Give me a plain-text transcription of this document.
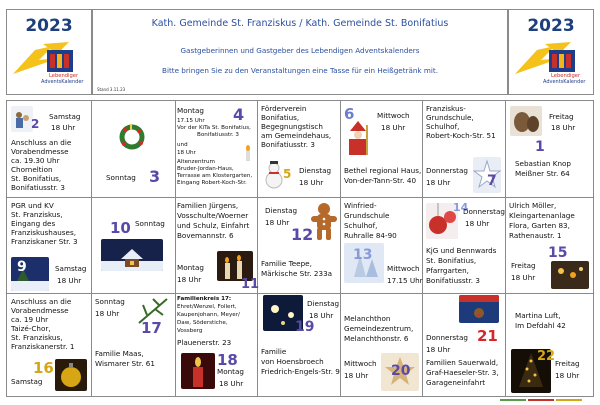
2023
Lebendiger
AdventsKalender
Kath. Gemeinde St. Franziskus / Kath. Gemeinde St. Bonifatius
Gastgeberinnen und Gastgeber des Lebendigen Adventskalenders
Bitte bringen Sie zu den Veranstaltungen eine Tasse für ein Heißgetränk mit.
Stand 3.11.23
2023
Lebendiger
AdventsKalender
2
Samstag
18 Uhr
Anschluss an die
Vorabendmesse
ca. 19.30 Uhr
Chorneltion
St. Bonifatius,
Bonifatiusstr. 3
Sonntag 3
Montag 4
17.15 Uhr
Vor der KiTa St. Bonifatius,
Bonifatiusstr. 3
und
18 Uhr
Altenzentrum
Bruder-Jordan-Haus,
Terrasse am Klostergarten,
Eingang Robert-Koch-Str.
Förderverein
Bonifatius,
Begegnungstisch
am Gemeindehaus,
Bonifatiusstr. 3
5 Dienstag
18 Uhr
6	Mittwoch
18 Uhr
Bethel regional Haus,
Von-der-Tann-Str. 40
Franziskus-
Grundschule,
Schulhof,
Robert-Koch-Str. 51
Donnerstag
18 Uhr	7
Freitag
18 Uhr
1
Sebastian Knop
Meißner Str. 64
PGR und KV
St. Franziskus,
Eingang des
Franziskushauses,
Franziskaner Str. 3
9	Samstag
18 Uhr
10 Sonntag
Familien Jürgens,
Vosschulte/Woerner
und Schulz, Einfahrt
Bovemannstr. 6
Montag
18 Uhr	11
Dienstag
18 Uhr
12
Familie Teepe,
Märkische Str. 233a
Winfried-
Grundschule
Schulhof,
Ruhralle 84-90
13
Mittwoch
17.15 Uhr
14
Donnerstag
18 Uhr
KjG und Bennwards
St. Bonifatius,
Pfarrgarten,
Bonifatiusstr. 3
Ulrich Möller,
Kleingartenanlage
Flora, Garten 83,
Rathenaustr. 1
15
Freitag
18 Uhr
Anschluss an die
Vorabendmesse
ca. 19 Uhr
Taizé-Chor,
St. Franziskus,
Franziskanerstr. 1
16
Samstag
Sonntag
18 Uhr
17
Familie Maas,
Wismarer Str. 61
Familienkreis 17:
Ehret/Wenzel, Follert,
Kaupenjohann, Meyer/
Daw, Söderstiche,
Vossberg
Plauenerstr. 23
18
Montag
18 Uhr
Dienstag
18 Uhr
19
Familie
von Hoensbroech
Friedrich-Engels-Str. 9
Melanchthon
Gemeindezentrum,
Melanchthonstr. 6
Mittwoch
18 Uhr 20
Donnerstag
18 Uhr
21
Familien Sauerwald,
Graf-Haeseler-Str. 3,
Garageneinfahrt
Martina Luft,
Im Defdahl 42
22 Freitag
18 Uhr
